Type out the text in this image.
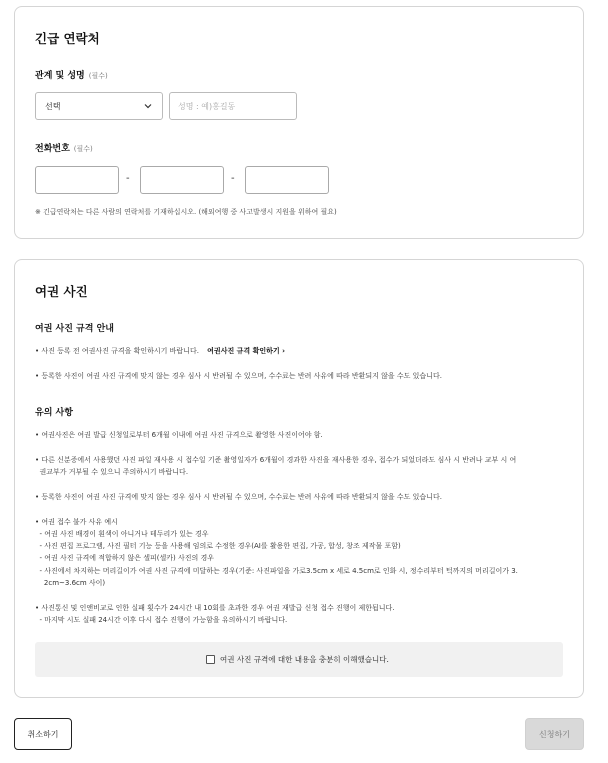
긴급 연락처
관계 및 성명 (필수)
선택
성명 : 예)홍길동
전화번호 (필수)
-	-
※ 긴급연락처는 다른 사람의 연락처를 기재하십시오. (해외여행 중 사고발생시 지원을 위하여 필요)
여권 사진
여권 사진 규격 안내
• 사진 등록 전 여권사진 규격을 확인하시기 바랍니다. 여권사진 규격 확인하기 ›
• 등록한 사진이 여권 사진 규격에 맞지 않는 경우 심사 시 반려될 수 있으며, 수수료는 반려 사유에 따라 반환되지 않을 수도 있습니다.
유의 사항
• 여권사진은 여권 발급 신청일로부터 6개월 이내에 여권 사진 규격으로 촬영한 사진이어야 함.
• 다른 신분증에서 사용했던 사진 파일 재사용 시 접수일 기준 촬영일자가 6개월이 경과한 사진을 재사용한 경우, 접수가 되었더라도 심사 시 반려나 교부 시 여
권교부가 거부될 수 있으니 주의하시기 바랍니다.
• 등록한 사진이 여권 사진 규격에 맞지 않는 경우 심사 시 반려될 수 있으며, 수수료는 반려 사유에 따라 반환되지 않을 수도 있습니다.
• 여권 접수 불가 사유 예시
- 여권 사진 배경이 흰색이 아니거나 테두리가 있는 경우
- 사진 편집 프로그램, 사진 필터 기능 등을 사용해 임의로 수정한 경우(AI를 활용한 편집, 가공, 합성, 창조 제작물 포함)
- 여권 사진 규격에 적합하지 않은 셀피(셀카) 사진의 경우
- 사진에서 차지하는 머리길이가 여권 사진 규격에 미달하는 경우(기준: 사진파일을 가로3.5cm x 세로 4.5cm로 인화 시, 정수리부터 턱까지의 머리길이가 3.
2cm~3.6cm 사이)
• 사진통신 및 인앤비교로 인한 실패 횟수가 24시간 내 10회를 초과한 경우 여권 재발급 신청 접수 진행이 제한됩니다.
- 마지막 시도 실패 24시간 이후 다시 접수 진행이 가능함을 유의하시기 바랍니다.
여권 사진 규격에 대한 내용을 충분히 이해했습니다.
취소하기	신청하기
